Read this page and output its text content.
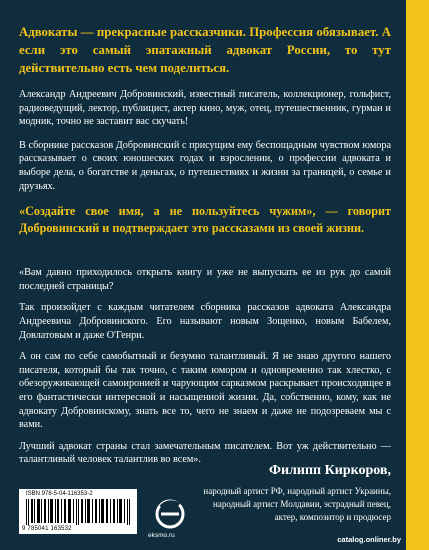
Адвокаты — прекрасные рассказчики. Профессия обязывает. А если это самый эпатажный адвокат России, то тут действительно есть чем поделиться.

Александр Андреевич Добровинский, известный писатель, коллекционер, гольфист, радиоведущий, лектор, публицист, актер кино, муж, отец, путешественник, гурман и модник, точно не заставит вас скучать!

В сборнике рассказов Добровинский с присущим ему беспощадным чувством юмора рассказывает о своих юношеских годах и взрослении, о профессии адвоката и выборе дела, о богатстве и деньгах, о путешествиях и жизни за границей, о семье и друзьях.

«Создайте свое имя, а не пользуйтесь чужим», — говорит Добровинский и подтверждает это рассказами из своей жизни.

«Вам давно приходилось открыть книгу и уже не выпускать ее из рук до самой последней страницы?

Так произойдет с каждым читателем сборника рассказов адвоката Александра Андреевича Добровинского. Его называют новым Зощенко, новым Бабелем, Довлатовым и даже О'Генри.

А он сам по себе самобытный и безумно талантливый. Я не знаю другого нашего писателя, который бы так точно, с таким юмором и одновременно так хлестко, с обезоруживающей самоиронией и чарующим сарказмом раскрывает происходящее в его фантастически интересной и насыщенной жизни. Да, собственно, кому, как не адвокату Добровинскому, знать все то, чего не знаем и даже не подозреваем мы с вами.

Лучший адвокат страны стал замечательным писателем. Вот уж действительно — талантливый человек талантлив во всем».

Филипп Киркоров,
народный артист РФ, народный артист Украины,
народный артист Молдавии, эстрадный певец,
актер, композитор и продюсер
ISBN 978-5-04-116353-2
9 785041 163532
eksmo.ru	catalog.onliner.by
